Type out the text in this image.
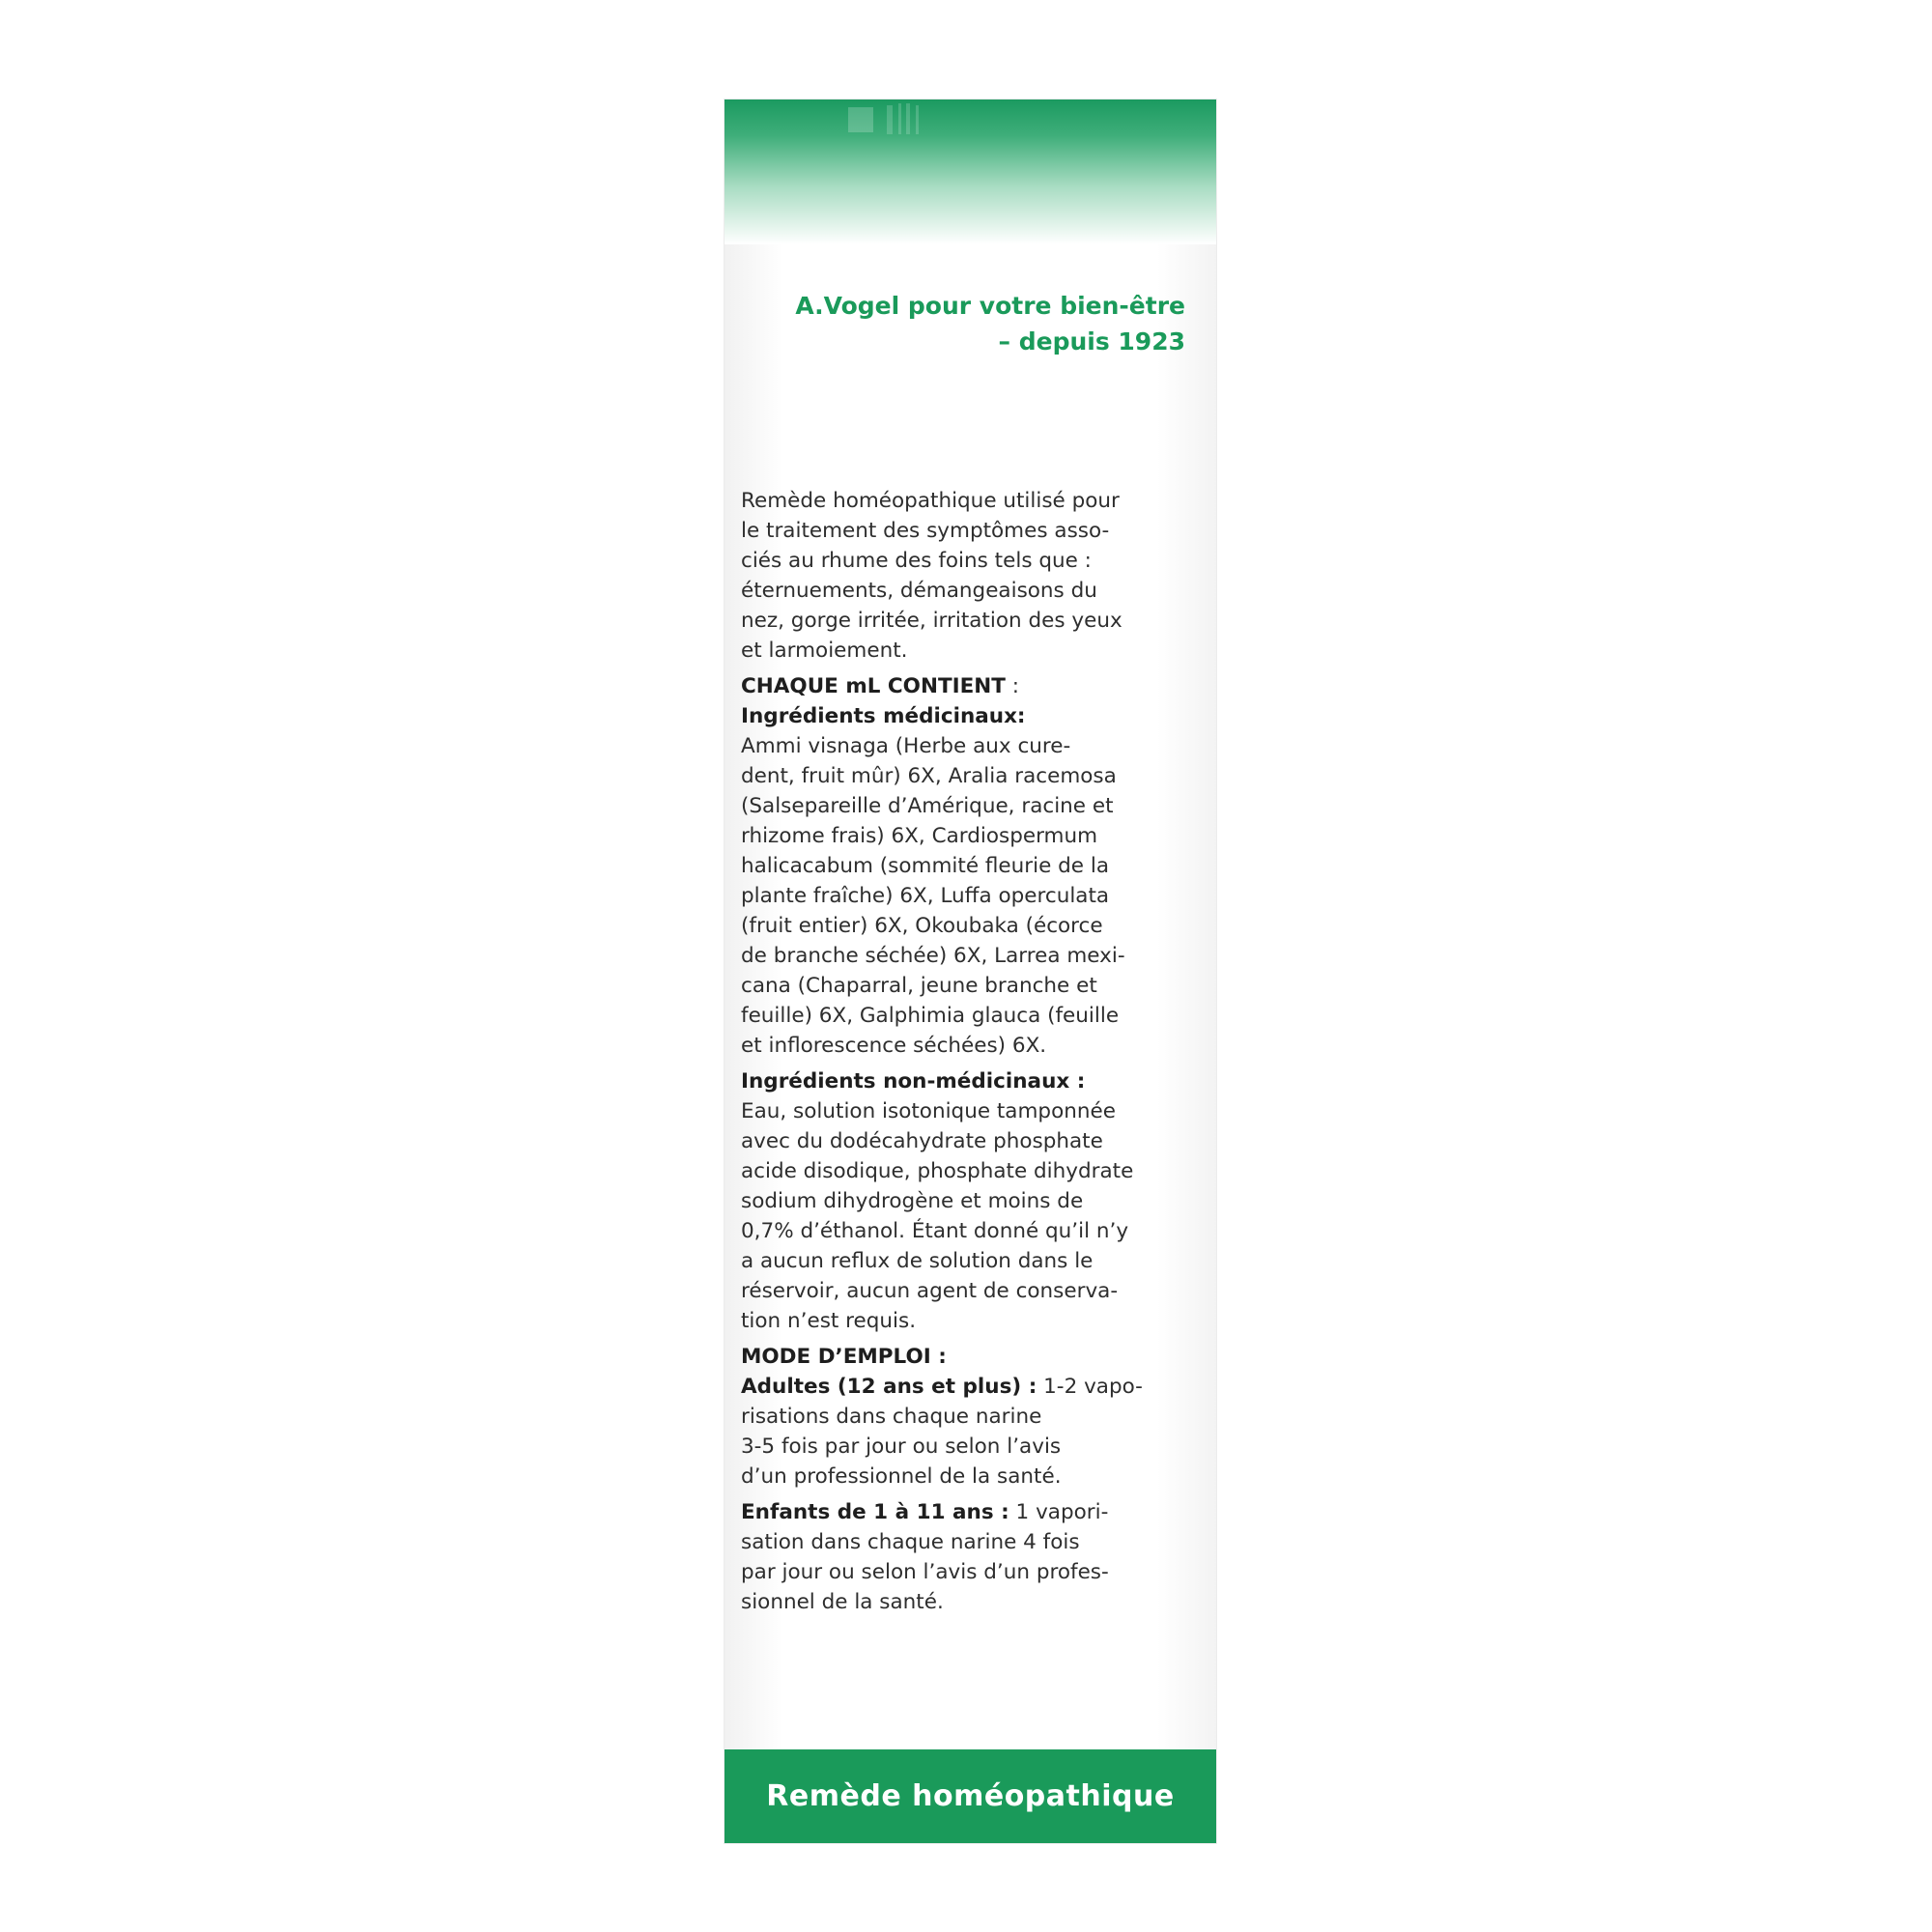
A.Vogel pour votre bien-être
– depuis 1923
Remède homéopathique utilisé pour
le traitement des symptômes asso-
ciés au rhume des foins tels que :
éternuements, démangeaisons du
nez, gorge irritée, irritation des yeux
et larmoiement.
CHAQUE mL CONTIENT :
Ingrédients médicinaux:
Ammi visnaga (Herbe aux cure-
dent, fruit mûr) 6X, Aralia racemosa
(Salsepareille d’Amérique, racine et
rhizome frais) 6X, Cardiospermum
halicacabum (sommité fleurie de la
plante fraîche) 6X, Luffa operculata
(fruit entier) 6X, Okoubaka (écorce
de branche séchée) 6X, Larrea mexi-
cana (Chaparral, jeune branche et
feuille) 6X, Galphimia glauca (feuille
et inflorescence séchées) 6X.
Ingrédients non-médicinaux :
Eau, solution isotonique tamponnée
avec du dodécahydrate phosphate
acide disodique, phosphate dihydrate
sodium dihydrogène et moins de
0,7% d’éthanol. Étant donné qu’il n’y
a aucun reflux de solution dans le
réservoir, aucun agent de conserva-
tion n’est requis.
MODE D’EMPLOI :
Adultes (12 ans et plus) : 1-2 vapo-
risations dans chaque narine
3-5 fois par jour ou selon l’avis
d’un professionnel de la santé.
Enfants de 1 à 11 ans : 1 vapori-
sation dans chaque narine 4 fois
par jour ou selon l’avis d’un profes-
sionnel de la santé.
Remède homéopathique
